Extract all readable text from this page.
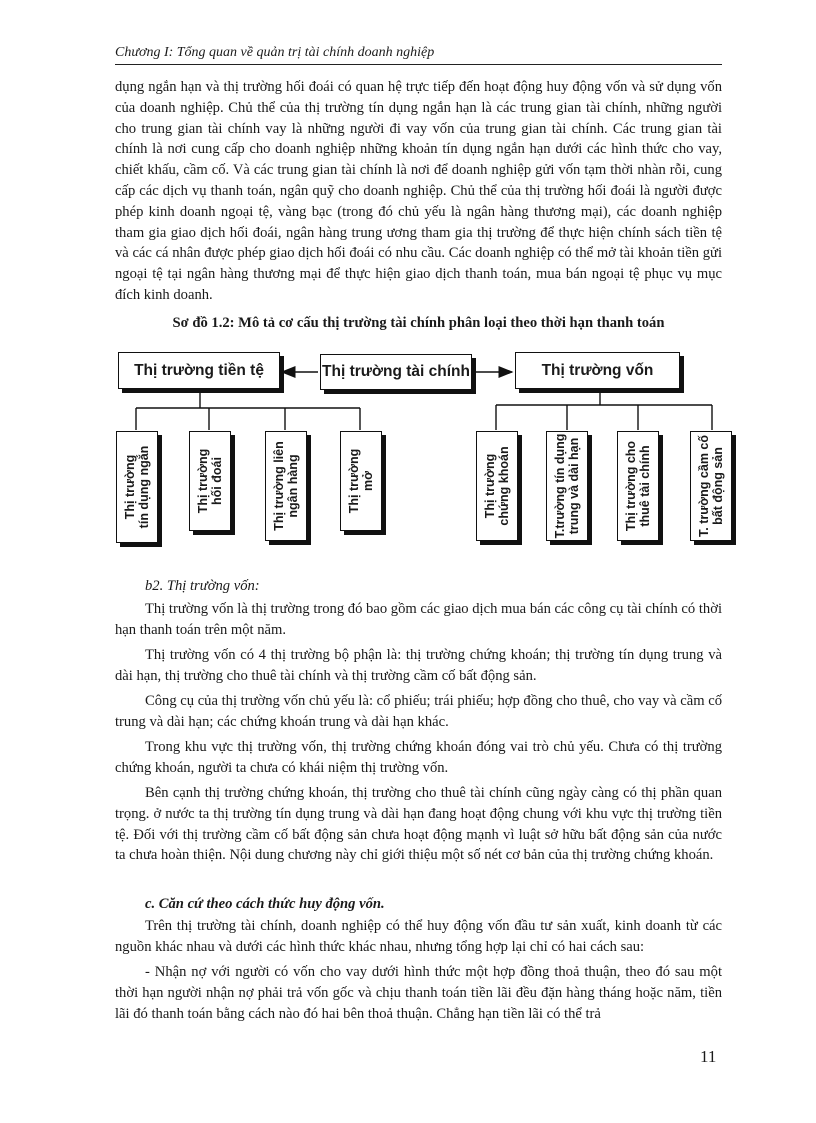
Chương I: Tổng quan về quản trị tài chính doanh nghiệp

dụng ngắn hạn và thị trường hối đoái có quan hệ trực tiếp đến hoạt động huy động vốn và sử dụng vốn của doanh nghiệp. Chủ thể của thị trường tín dụng ngắn hạn là các trung gian tài chính, những người cho trung gian tài chính vay là những người đi vay vốn của trung gian tài chính. Các trung gian tài chính là nơi cung cấp cho doanh nghiệp những khoản tín dụng ngắn hạn dưới các hình thức cho vay, chiết khấu, cầm cố. Và các trung gian tài chính là nơi để doanh nghiệp gửi vốn tạm thời nhàn rỗi, cung cấp các dịch vụ thanh toán, ngân quỹ cho doanh nghiệp. Chủ thể của thị trường hối đoái là người được phép kinh doanh ngoại tệ, vàng bạc (trong đó chủ yếu là ngân hàng thương mại), các doanh nghiệp tham gia giao dịch hối đoái, ngân hàng trung ương tham gia thị trường để thực hiện chính sách tiền tệ và các cá nhân được phép giao dịch hối đoái có nhu cầu. Các doanh nghiệp có thể mở tài khoản tiền gửi ngoại tệ tại ngân hàng thương mại để thực hiện giao dịch thanh toán, mua bán ngoại tệ phục vụ mục đích kinh doanh.

Sơ đồ 1.2: Mô tả cơ cấu thị trường tài chính phân loại theo thời hạn thanh toán
Thị trường tiền tệ	Thị trường tài chính	Thị trường vốn
Thị trường
tín dụng ngắn
Thị trường
hối đoái
Thị trường liên
ngân hàng
Thị trường
mở
Thị trường
chứng khoán
T.trường tín dụng
trung và dài hạn
Thị trường cho
thuê tài chính
T. trường cầm cố
bất động sản
b2. Thị trường vốn:

Thị trường vốn là thị trường trong đó bao gồm các giao dịch mua bán các công cụ tài chính có thời hạn thanh toán trên một năm.

Thị trường vốn có 4 thị trường bộ phận là: thị trường chứng khoán; thị trường tín dụng trung và dài hạn, thị trường cho thuê tài chính và thị trường cầm cố bất động sản.

Công cụ của thị trường vốn chủ yếu là: cổ phiếu; trái phiếu; hợp đồng cho thuê, cho vay và cầm cố trung và dài hạn; các chứng khoán trung và dài hạn khác.

Trong khu vực thị trường vốn, thị trường chứng khoán đóng vai trò chủ yếu. Chưa có thị trường chứng khoán, người ta chưa có khái niệm thị trường vốn.

Bên cạnh thị trường chứng khoán, thị trường cho thuê tài chính cũng ngày càng có thị phần quan trọng. ở nước ta thị trường tín dụng trung và dài hạn đang hoạt động chung với khu vực thị trường tiền tệ. Đối với thị trường cầm cố bất động sản chưa hoạt động mạnh vì luật sở hữu bất động sản của nước ta chưa hoàn thiện. Nội dung chương này chỉ giới thiệu một số nét cơ bản của thị trường chứng khoán.

c. Căn cứ theo cách thức huy động vốn.

Trên thị trường tài chính, doanh nghiệp có thể huy động vốn đầu tư sản xuất, kinh doanh từ các nguồn khác nhau và dưới các hình thức khác nhau, nhưng tổng hợp lại chỉ có hai cách sau:

- Nhận nợ với người có vốn cho vay dưới hình thức một hợp đồng thoả thuận, theo đó sau một thời hạn người nhận nợ phải trả vốn gốc và chịu thanh toán tiền lãi đều đặn hàng tháng hoặc năm, tiền lãi đó thanh toán bằng cách nào đó hai bên thoả thuận. Chẳng hạn tiền lãi có thể trả

11
